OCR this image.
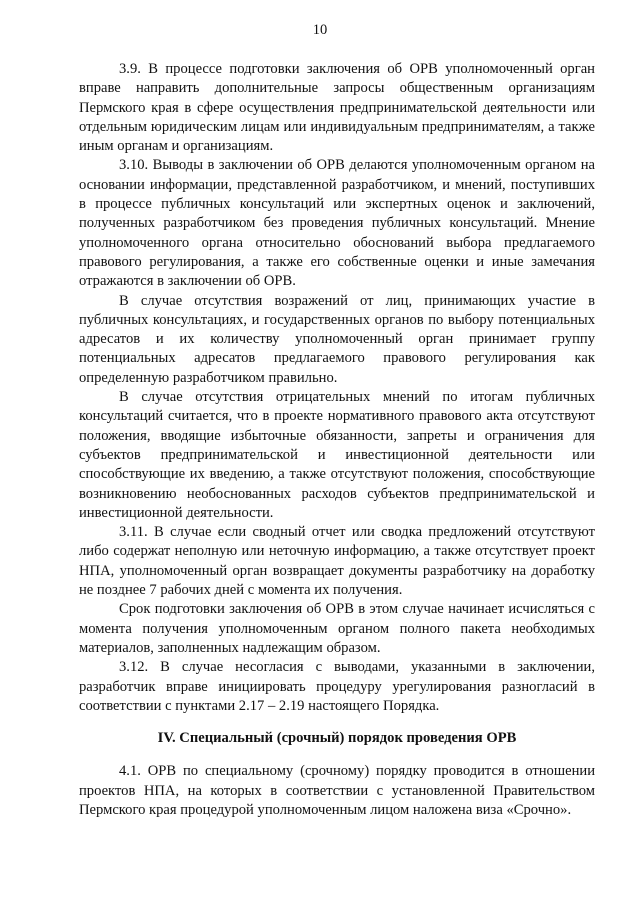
10

3.9. В процессе подготовки заключения об ОРВ уполномоченный орган вправе направить дополнительные запросы общественным организациям Пермского края в сфере осуществления предпринимательской деятельности или отдельным юридическим лицам или индивидуальным предпринимателям, а также иным органам и организациям.

3.10. Выводы в заключении об ОРВ делаются уполномоченным органом на основании информации, представленной разработчиком, и мнений, поступивших в процессе публичных консультаций или экспертных оценок и заключений, полученных разработчиком без проведения публичных консультаций. Мнение уполномоченного органа относительно обоснований выбора предлагаемого правового регулирования, а также его собственные оценки и иные замечания отражаются в заключении об ОРВ.

В случае отсутствия возражений от лиц, принимающих участие в публичных консультациях, и государственных органов по выбору потенциальных адресатов и их количеству уполномоченный орган принимает группу потенциальных адресатов предлагаемого правового регулирования как определенную разработчиком правильно.

В случае отсутствия отрицательных мнений по итогам публичных консультаций считается, что в проекте нормативного правового акта отсутствуют положения, вводящие избыточные обязанности, запреты и ограничения для субъектов предпринимательской и инвестиционной деятельности или способствующие их введению, а также отсутствуют положения, способствующие возникновению необоснованных расходов субъектов предпринимательской и инвестиционной деятельности.

3.11. В случае если сводный отчет или сводка предложений отсутствуют либо содержат неполную или неточную информацию, а также отсутствует проект НПА, уполномоченный орган возвращает документы разработчику на доработку не позднее 7 рабочих дней с момента их получения.

Срок подготовки заключения об ОРВ в этом случае начинает исчисляться с момента получения уполномоченным органом полного пакета необходимых материалов, заполненных надлежащим образом.

3.12. В случае несогласия с выводами, указанными в заключении, разработчик вправе инициировать процедуру урегулирования разногласий в соответствии с пунктами 2.17 – 2.19 настоящего Порядка.

IV. Специальный (срочный) порядок проведения ОРВ

4.1. ОРВ по специальному (срочному) порядку проводится в отношении проектов НПА, на которых в соответствии с установленной Правительством Пермского края процедурой уполномоченным лицом наложена виза «Срочно».
